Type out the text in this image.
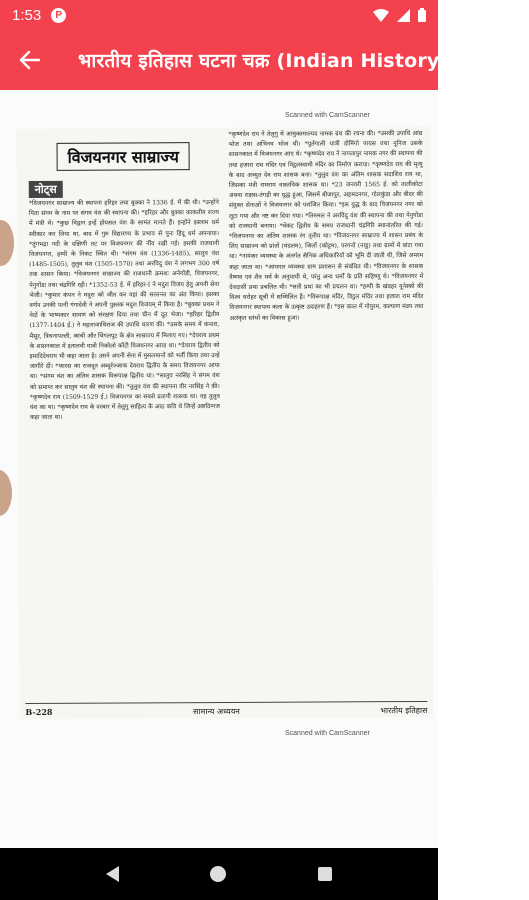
1:53	P
भारतीय इतिहास घटना चक्र (Indian History Events)
Scanned with CamScanner
विजयनगर साम्राज्य
नोट्स
*विजयनगर साम्राज्य की स्थापना हरिहर तथा बुक्का ने 1336 ई. में की थी। *उन्होंने पिता संगम के नाम पर संगम वंश की स्थापना की। *हरिहर और बुक्का काकतीय राज्य में मंत्री थे। *कुछ विद्वान इन्हें होयसल वंश के सामंत मानते हैं। इन्होंने इस्लाम धर्म स्वीकार कर लिया था, बाद में गुरु विद्यारण्य के प्रभाव से पुनः हिंदू धर्म अपनाया। *तुंगभद्रा नदी के दक्षिणी तट पर विजयनगर की नींव रखी गई। इसकी राजधानी विजयनगर, हम्पी के निकट स्थित थी। *संगम वंश (1336-1485), सालुव वंश (1485-1505), तुलुव वंश (1505-1570) तथा अरविदु वंश ने लगभग 300 वर्ष तक शासन किया। *विजयनगर साम्राज्य की राजधानी क्रमशः अनेगोंडी, विजयनगर, पेनुगोंडा तथा चंद्रगिरि रही। *1352-53 ई. में हरिहर-I ने मदुरा विजय हेतु अपनी सेना भेजी। *कुमार कंपन ने मदुरा को जीत कर वहां की सल्तनत का अंत किया। इसका वर्णन उनकी पत्नी गंगादेवी ने अपनी पुस्तक मदुरा विजयम् में किया है। *बुक्का प्रथम ने वेदों के भाष्यकार सायण को संरक्षण दिया तथा चीन में दूत भेजा। *हरिहर द्वितीय (1377-1404 ई.) ने महाराजाधिराज की उपाधि धारण की। *उसके समय में कनारा, मैसूर, त्रिचनापल्ली, कांची और चिंगलपुट के क्षेत्र साम्राज्य में मिलाए गए। *देवराय प्रथम के शासनकाल में इतालवी यात्री निकोलो कोंटी विजयनगर आया था। *देवराय द्वितीय को इमादिदेवराय भी कहा जाता है। उसने अपनी सेना में मुसलमानों को भर्ती किया तथा उन्हें जागीरें दीं। *फारस का राजदूत अब्दुर्रज्जाक देवराय द्वितीय के समय विजयनगर आया था। *संगम वंश का अंतिम शासक विरूपाक्ष द्वितीय था। *सालुव नरसिंह ने संगम वंश को समाप्त कर सालुव वंश की स्थापना की। *तुलुव वंश की स्थापना वीर नरसिंह ने की। *कृष्णदेव राय (1509-1529 ई.) विजयनगर का सबसे प्रतापी शासक था। वह तुलुव वंश का था। *कृष्णदेव राय के दरबार में तेलुगु साहित्य के आठ कवि थे जिन्हें अष्टदिग्गज कहा जाता था।
*कृष्णदेव राय ने तेलुगु में आमुक्तमाल्यद नामक ग्रंथ की रचना की। *उसकी उपाधि आंध्र भोज तथा अभिनव भोज थी। *पुर्तगाली यात्री डोमिंगो पायस तथा नूनिज उसके शासनकाल में विजयनगर आए थे। *कृष्णदेव राय ने नागलापुर नामक नगर की स्थापना की तथा हजारा राम मंदिर एवं विट्ठलस्वामी मंदिर का निर्माण कराया। *कृष्णदेव राय की मृत्यु के बाद अच्युत देव राय शासक बना। *तुलुव वंश का अंतिम शासक सदाशिव राय था, जिसका मंत्री रामराय वास्तविक शासक था। *23 जनवरी 1565 ई. को तालीकोटा अथवा राक्षस-तंगड़ी का युद्ध हुआ, जिसमें बीजापुर, अहमदनगर, गोलकुंडा और बीदर की संयुक्त सेनाओं ने विजयनगर को पराजित किया। *इस युद्ध के बाद विजयनगर नगर को लूटा गया और नष्ट कर दिया गया। *तिरुमल ने अरविदु वंश की स्थापना की तथा पेनुगोंडा को राजधानी बनाया। *वेंकट द्वितीय के समय राजधानी चंद्रगिरि स्थानांतरित की गई। *विजयनगर का अंतिम शासक रंग तृतीय था। *विजयनगर साम्राज्य में शासन प्रबंध के लिए साम्राज्य को प्रांतों (मंडलम), जिलों (कोट्टम), परगनों (नाडु) तथा ग्रामों में बांटा गया था। *नायंकर व्यवस्था के अंतर्गत सैनिक अधिकारियों को भूमि दी जाती थी, जिसे अमरम कहा जाता था। *आयगार व्यवस्था ग्राम प्रशासन से संबंधित थी। *विजयनगर के शासक वैष्णव एवं शैव धर्म के अनुयायी थे, परंतु अन्य धर्मों के प्रति सहिष्णु थे। *विजयनगर में देवदासी प्रथा प्रचलित थी। *सती प्रथा का भी प्रचलन था। *हम्पी के खंडहर यूनेस्को की विश्व धरोहर सूची में सम्मिलित हैं। *विरूपाक्ष मंदिर, विट्ठल मंदिर तथा हजारा राम मंदिर विजयनगर स्थापत्य कला के उत्कृष्ट उदाहरण हैं। *इस काल में गोपुरम, कल्याण मंडप तथा अलंकृत स्तंभों का विकास हुआ।
B-228	सामान्य अध्ययन	भारतीय इतिहास
Scanned with CamScanner
